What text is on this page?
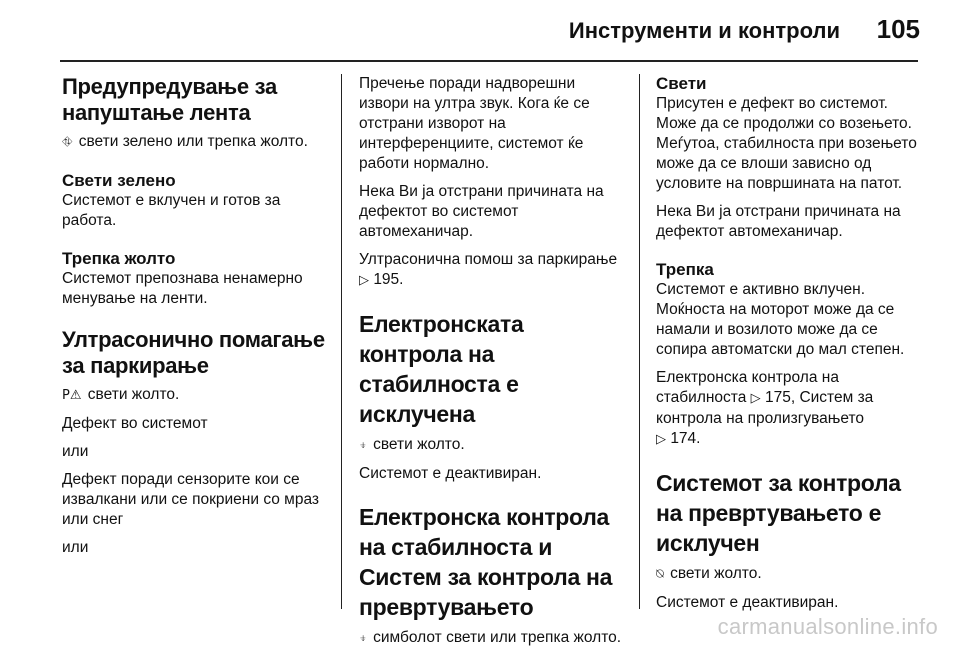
Инструменти и контроли 105
Предупредување за напуштање лента

⛗ свети зелено или трепка жолто.

Свети зелено

Системот е вклучен и готов за работа.

Трепка жолто

Системот препознава ненамерно менување на ленти.

Ултрасонично помагање за паркирање

P⚠ свети жолто.

Дефект во системот

или

Дефект поради сензорите кои се извалкани или се покриени со мраз или снег

или

Пречење поради надворешни извори на ултра звук. Кога ќе се отстрани изворот на интерференциите, системот ќе работи нормално.

Нека Ви ја отстрани причината на дефектот во системот автомеханичар.

Ултрасонична помош за паркирање ▷ 195.

Електронската контрола на стабилноста е исклучена

⍖ свети жолто.

Системот е деактивиран.

Електронска контрола на стабилноста и Систем за контрола на превртувањето

⍖ симболот свети или трепка жолто.

Свети

Присутен е дефект во системот. Може да се продолжи со возењето. Меѓутоа, стабилноста при возењето може да се влоши зависно од условите на површината на патот.

Нека Ви ја отстрани причината на дефектот автомеханичар.

Трепка

Системот е активно вклучен. Моќноста на моторот може да се намали и возилото може да се сопира автоматски до мал степен.

Електронска контрола на стабилноста ▷ 175, Систем за контрола на пролизгувањето
▷ 174.

Системот за контрола на превртувањето е исклучен

⍉ свети жолто.

Системот е деактивиран.

carmanualsonline.info
